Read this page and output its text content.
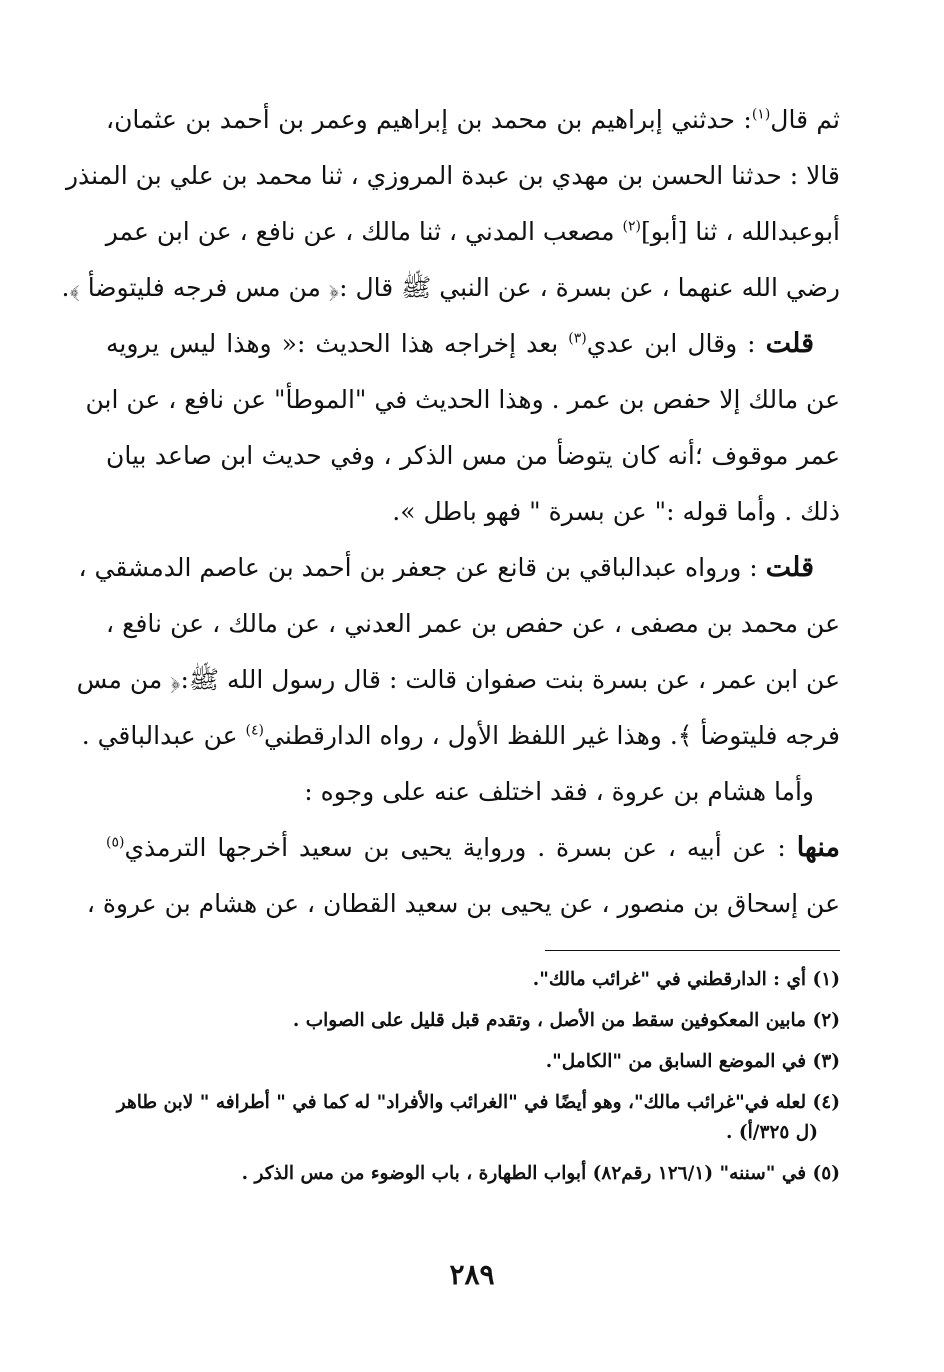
ثم قال$^{(١)}$: حدثني إبراهيم بن محمد بن إبراهيم وعمر بن أحمد بن عثمان،
قالا : حدثنا الحسن بن مهدي بن عبدة المروزي ، ثنا محمد بن علي بن المنذر
أبوعبدالله ، ثنا [أبو]$^{(٢)}$ مصعب المدني ، ثنا مالك ، عن نافع ، عن ابن عمر
رضي الله عنهما ، عن بسرة ، عن النبي ﷺ قال :﴿ من مس فرجه فليتوضأ ﴾.
قلت : وقال ابن عدي$^{(٣)}$ بعد إخراجه هذا الحديث :« وهذا ليس يرويه
عن مالك إلا حفص بن عمر . وهذا الحديث في "الموطأ" عن نافع ، عن ابن
عمر موقوف ؛أنه كان يتوضأ من مس الذكر ، وفي حديث ابن صاعد بيان
ذلك . وأما قوله :" عن بسرة " فهو باطل ».
قلت : ورواه عبدالباقي بن قانع عن جعفر بن أحمد بن عاصم الدمشقي ،
عن محمد بن مصفى ، عن حفص بن عمر العدني ، عن مالك ، عن نافع ،
عن ابن عمر ، عن بسرة بنت صفوان قالت : قال رسول الله ﷺ:﴿ من مس
فرجه فليتوضأ ﴾. وهذا غير اللفظ الأول ، رواه الدارقطني$^{(٤)}$ عن عبدالباقي .
وأما هشام بن عروة ، فقد اختلف عنه على وجوه :
منها : عن أبيه ، عن بسرة . ورواية يحيى بن سعيد أخرجها الترمذي$^{(٥)}$
عن إسحاق بن منصور ، عن يحيى بن سعيد القطان ، عن هشام بن عروة ،
(١) أي : الدارقطني في "غرائب مالك".
(٢) مابين المعكوفين سقط من الأصل ، وتقدم قبل قليل على الصواب .
(٣) في الموضع السابق من "الكامل".
(٤) لعله في"غرائب مالك"، وهو أيضًا في "الغرائب والأفراد" له كما في " أطرافه " لابن طاهر
(ل ٣٢٥/أ) .
(٥) في "سننه" (١٢٦/١ رقم٨٢) أبواب الطهارة ، باب الوضوء من مس الذكر .
٢٨٩
